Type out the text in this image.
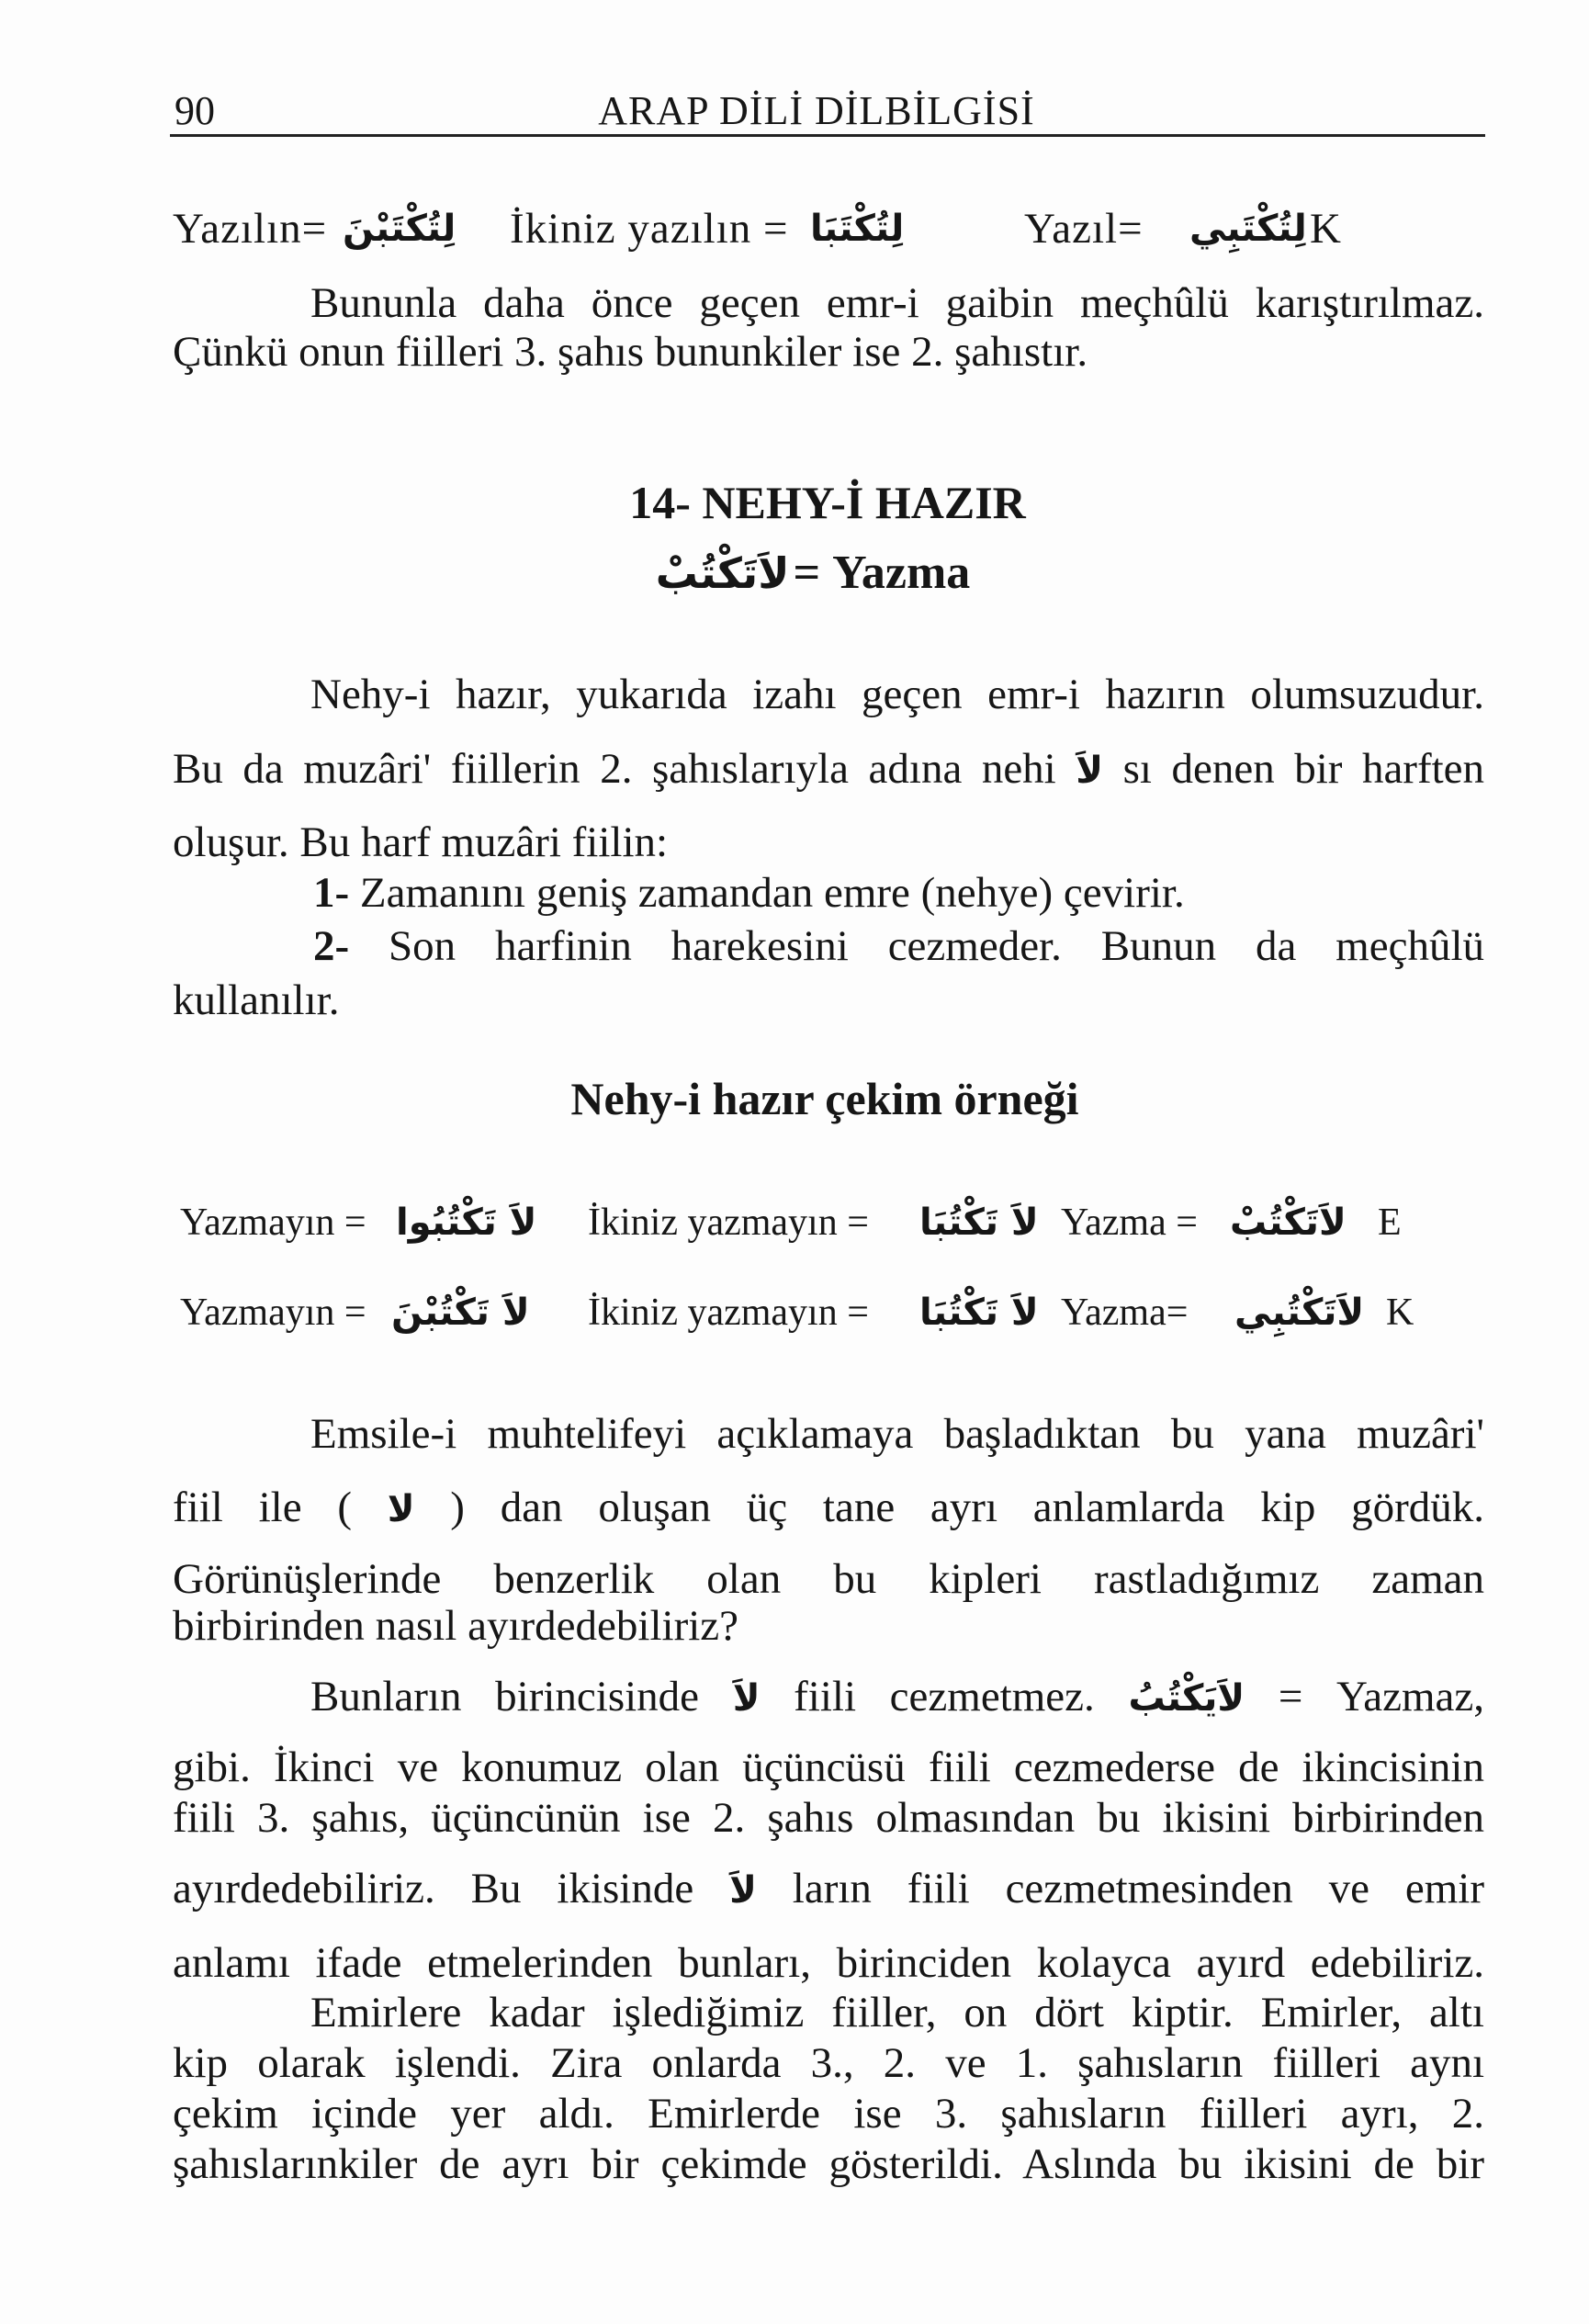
90	ARAP DİLİ DİLBİLGİSİ
Yazılın= لِتُكْتَبْنَ İkiniz yazılın = لِتُكْتَبَا	Yazıl= لِتُكْتَبِي K
Bununla daha önce geçen emr-i gaibin meçhûlü karıştırılmaz.
Çünkü onun fiilleri 3. şahıs bununkiler ise 2. şahıstır.
14- NEHY-İ HAZIR
لاَتَكْتُبْ = Yazma
Nehy-i hazır, yukarıda izahı geçen emr-i hazırın olumsuzudur.
Bu da muzâri' fiillerin 2. şahıslarıyla adına nehi لاَ sı denen bir harften
oluşur. Bu harf muzâri fiilin:
1- Zamanını geniş zamandan emre (nehye) çevirir.
2- Son harfinin harekesini cezmeder. Bunun da meçhûlü
kullanılır.
Nehy-i hazır çekim örneği
Yazmayın = لاَ تَكْتُبُوا İkiniz yazmayın = لاَ تَكْتُبَا Yazma = لاَتَكْتُبْ E
Yazmayın = لاَ تَكْتُبْنَ İkiniz yazmayın = لاَ تَكْتُبَا Yazma= لاَتَكْتُبِي K
Emsile-i muhtelifeyi açıklamaya başladıktan bu yana muzâri'
fiil ile ( لا ) dan oluşan üç tane ayrı anlamlarda kip gördük.
Görünüşlerinde benzerlik olan bu kipleri rastladığımız zaman
birbirinden nasıl ayırdedebiliriz?
Bunların birincisinde لاَ fiili cezmetmez. لاَيَكْتُبُ = Yazmaz,
gibi. İkinci ve konumuz olan üçüncüsü fiili cezmederse de ikincisinin
fiili 3. şahıs, üçüncünün ise 2. şahıs olmasından bu ikisini birbirinden
ayırdedebiliriz. Bu ikisinde لاَ ların fiili cezmetmesinden ve emir
anlamı ifade etmelerinden bunları, birinciden kolayca ayırd edebiliriz.
Emirlere kadar işlediğimiz fiiller, on dört kiptir. Emirler, altı
kip olarak işlendi. Zira onlarda 3., 2. ve 1. şahısların fiilleri aynı
çekim içinde yer aldı. Emirlerde ise 3. şahısların fiilleri ayrı, 2.
şahıslarınkiler de ayrı bir çekimde gösterildi. Aslında bu ikisini de bir
